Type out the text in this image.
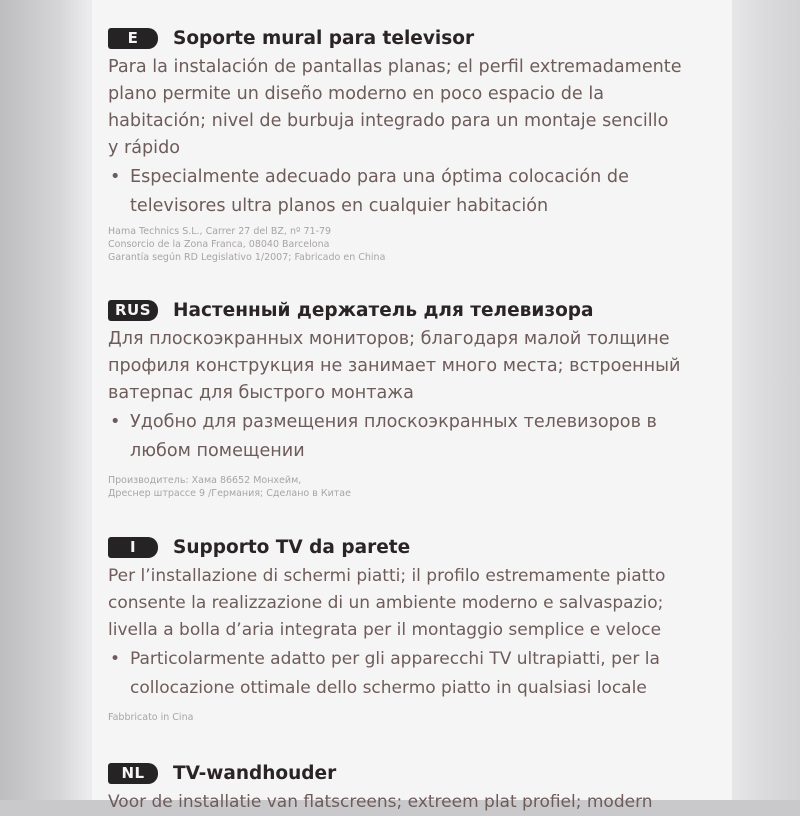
E	Soporte mural para televisor
Para la instalación de pantallas planas; el perfil extremadamente
plano permite un diseño moderno en poco espacio de la
habitación; nivel de burbuja integrado para un montaje sencillo
y rápido
• Especialmente adecuado para una óptima colocación de
televisores ultra planos en cualquier habitación
Hama Technics S.L., Carrer 27 del BZ, nº 71-79
Consorcio de la Zona Franca, 08040 Barcelona
Garantía según RD Legislativo 1/2007; Fabricado en China
RUS	Настенный держатель для телевизора
Для плоскоэкранных мониторов; благодаря малой толщине
профиля конструкция не занимает много места; встроенный
ватерпас для быстрого монтажа
• Удобно для размещения плоскоэкранных телевизоров в
любом помещении
Производитель: Хама 86652 Монхейм,
Дреснер штрассе 9 /Германия; Сделано в Китае
I	Supporto TV da parete
Per l’installazione di schermi piatti; il profilo estremamente piatto
consente la realizzazione di un ambiente moderno e salvaspazio;
livella a bolla d’aria integrata per il montaggio semplice e veloce
• Particolarmente adatto per gli apparecchi TV ultrapiatti, per la
collocazione ottimale dello schermo piatto in qualsiasi locale
Fabbricato in Cina
NL	TV-wandhouder
Voor de installatie van flatscreens; extreem plat profiel; modern
